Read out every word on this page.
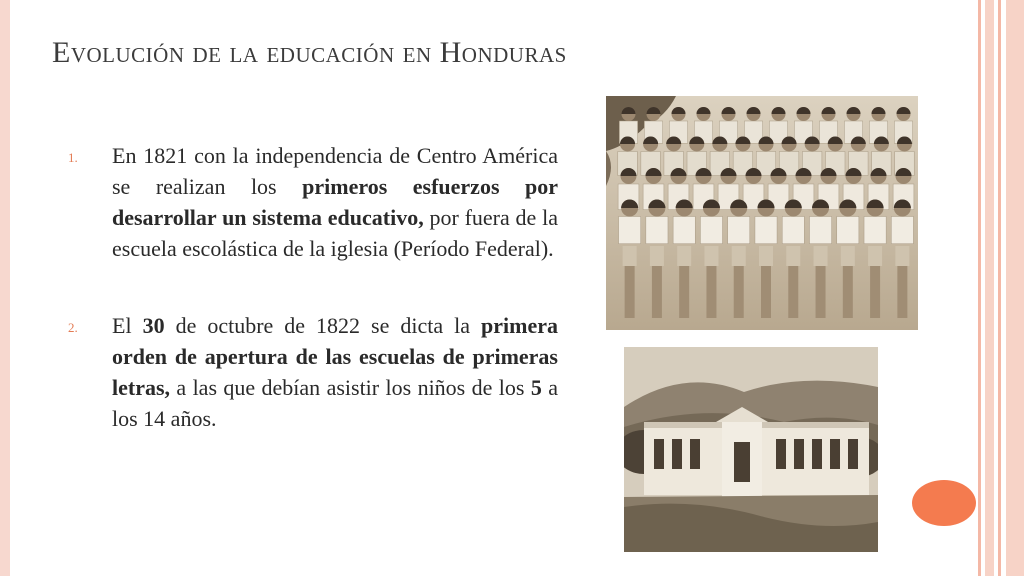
Evolución de la educación en Honduras
1. En 1821 con la independencia de Centro América se realizan los primeros esfuerzos por desarrollar un sistema educativo, por fuera de la escuela escolástica de la iglesia (Período Federal).

2. El 30 de octubre de 1822 se dicta la primera orden de apertura de las escuelas de primeras letras, a las que debían asistir los niños de los 5 a los 14 años.
